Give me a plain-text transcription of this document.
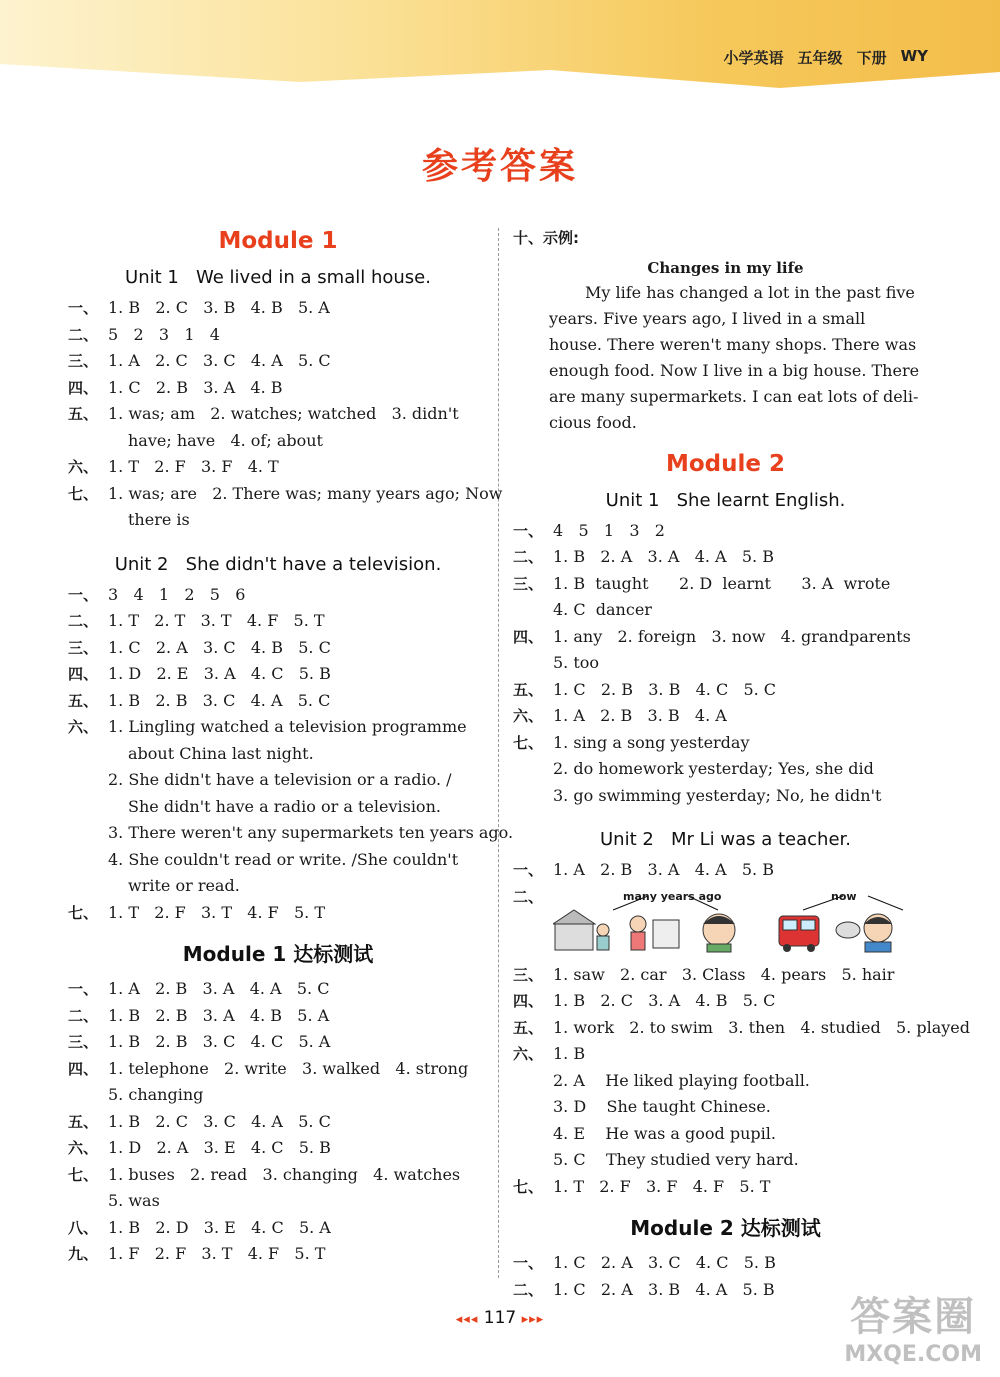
小学英语 五年级 下册 WY
参考答案
Module 1
Unit 1   We lived in a small house.
一、 1. B   2. C   3. B   4. B   5. A
二、 5   2   3   1   4
三、 1. A   2. C   3. C   4. A   5. C
四、 1. C   2. B   3. A   4. B
五、 1. was; am   2. watches; watched   3. didn't
have; have   4. of; about
六、 1. T   2. F   3. F   4. T
七、 1. was; are   2. There was; many years ago; Now
there is
Unit 2   She didn't have a television.
一、 3   4   1   2   5   6
二、 1. T   2. T   3. T   4. F   5. T
三、 1. C   2. A   3. C   4. B   5. C
四、 1. D   2. E   3. A   4. C   5. B
五、 1. B   2. B   3. C   4. A   5. C
六、 1. Lingling watched a television programme
about China last night.
2. She didn't have a television or a radio. /
She didn't have a radio or a television.
3. There weren't any supermarkets ten years ago.
4. She couldn't read or write. /She couldn't
write or read.
七、 1. T   2. F   3. T   4. F   5. T
Module 1 达标测试
一、 1. A   2. B   3. A   4. A   5. C
二、 1. B   2. B   3. A   4. B   5. A
三、 1. B   2. B   3. C   4. C   5. A
四、 1. telephone   2. write   3. walked   4. strong
5. changing
五、 1. B   2. C   3. C   4. A   5. C
六、 1. D   2. A   3. E   4. C   5. B
七、 1. buses   2. read   3. changing   4. watches
5. was
八、 1. B   2. D   3. E   4. C   5. A
九、 1. F   2. F   3. T   4. F   5. T
十、示例:
Changes in my life
My life has changed a lot in the past five
years. Five years ago, I lived in a small
house. There weren't many shops. There was
enough food. Now I live in a big house. There
are many supermarkets. I can eat lots of deli-
cious food.
Module 2
Unit 1   She learnt English.
一、 4   5   1   3   2
二、 1. B   2. A   3. A   4. A   5. B
三、 1. B  taught      2. D  learnt      3. A  wrote
4. C  dancer
四、 1. any   2. foreign   3. now   4. grandparents
5. too
五、 1. C   2. B   3. B   4. C   5. C
六、 1. A   2. B   3. B   4. A
七、 1. sing a song yesterday
2. do homework yesterday; Yes, she did
3. go swimming yesterday; No, he didn't
Unit 2   Mr Li was a teacher.
一、 1. A   2. B   3. A   4. A   5. B
二、	many years ago	now
三、 1. saw   2. car   3. Class   4. pears   5. hair
四、 1. B   2. C   3. A   4. B   5. C
五、 1. work   2. to swim   3. then   4. studied   5. played
六、 1. B
2. A    He liked playing football.
3. D    She taught Chinese.
4. E    He was a good pupil.
5. C    They studied very hard.
七、 1. T   2. F   3. F   4. F   5. T
Module 2 达标测试
一、 1. C   2. A   3. C   4. C   5. B
二、 1. C   2. A   3. B   4. A   5. B
◂◂◂ 117 ▸▸▸	答案圈
MXQE.COM
